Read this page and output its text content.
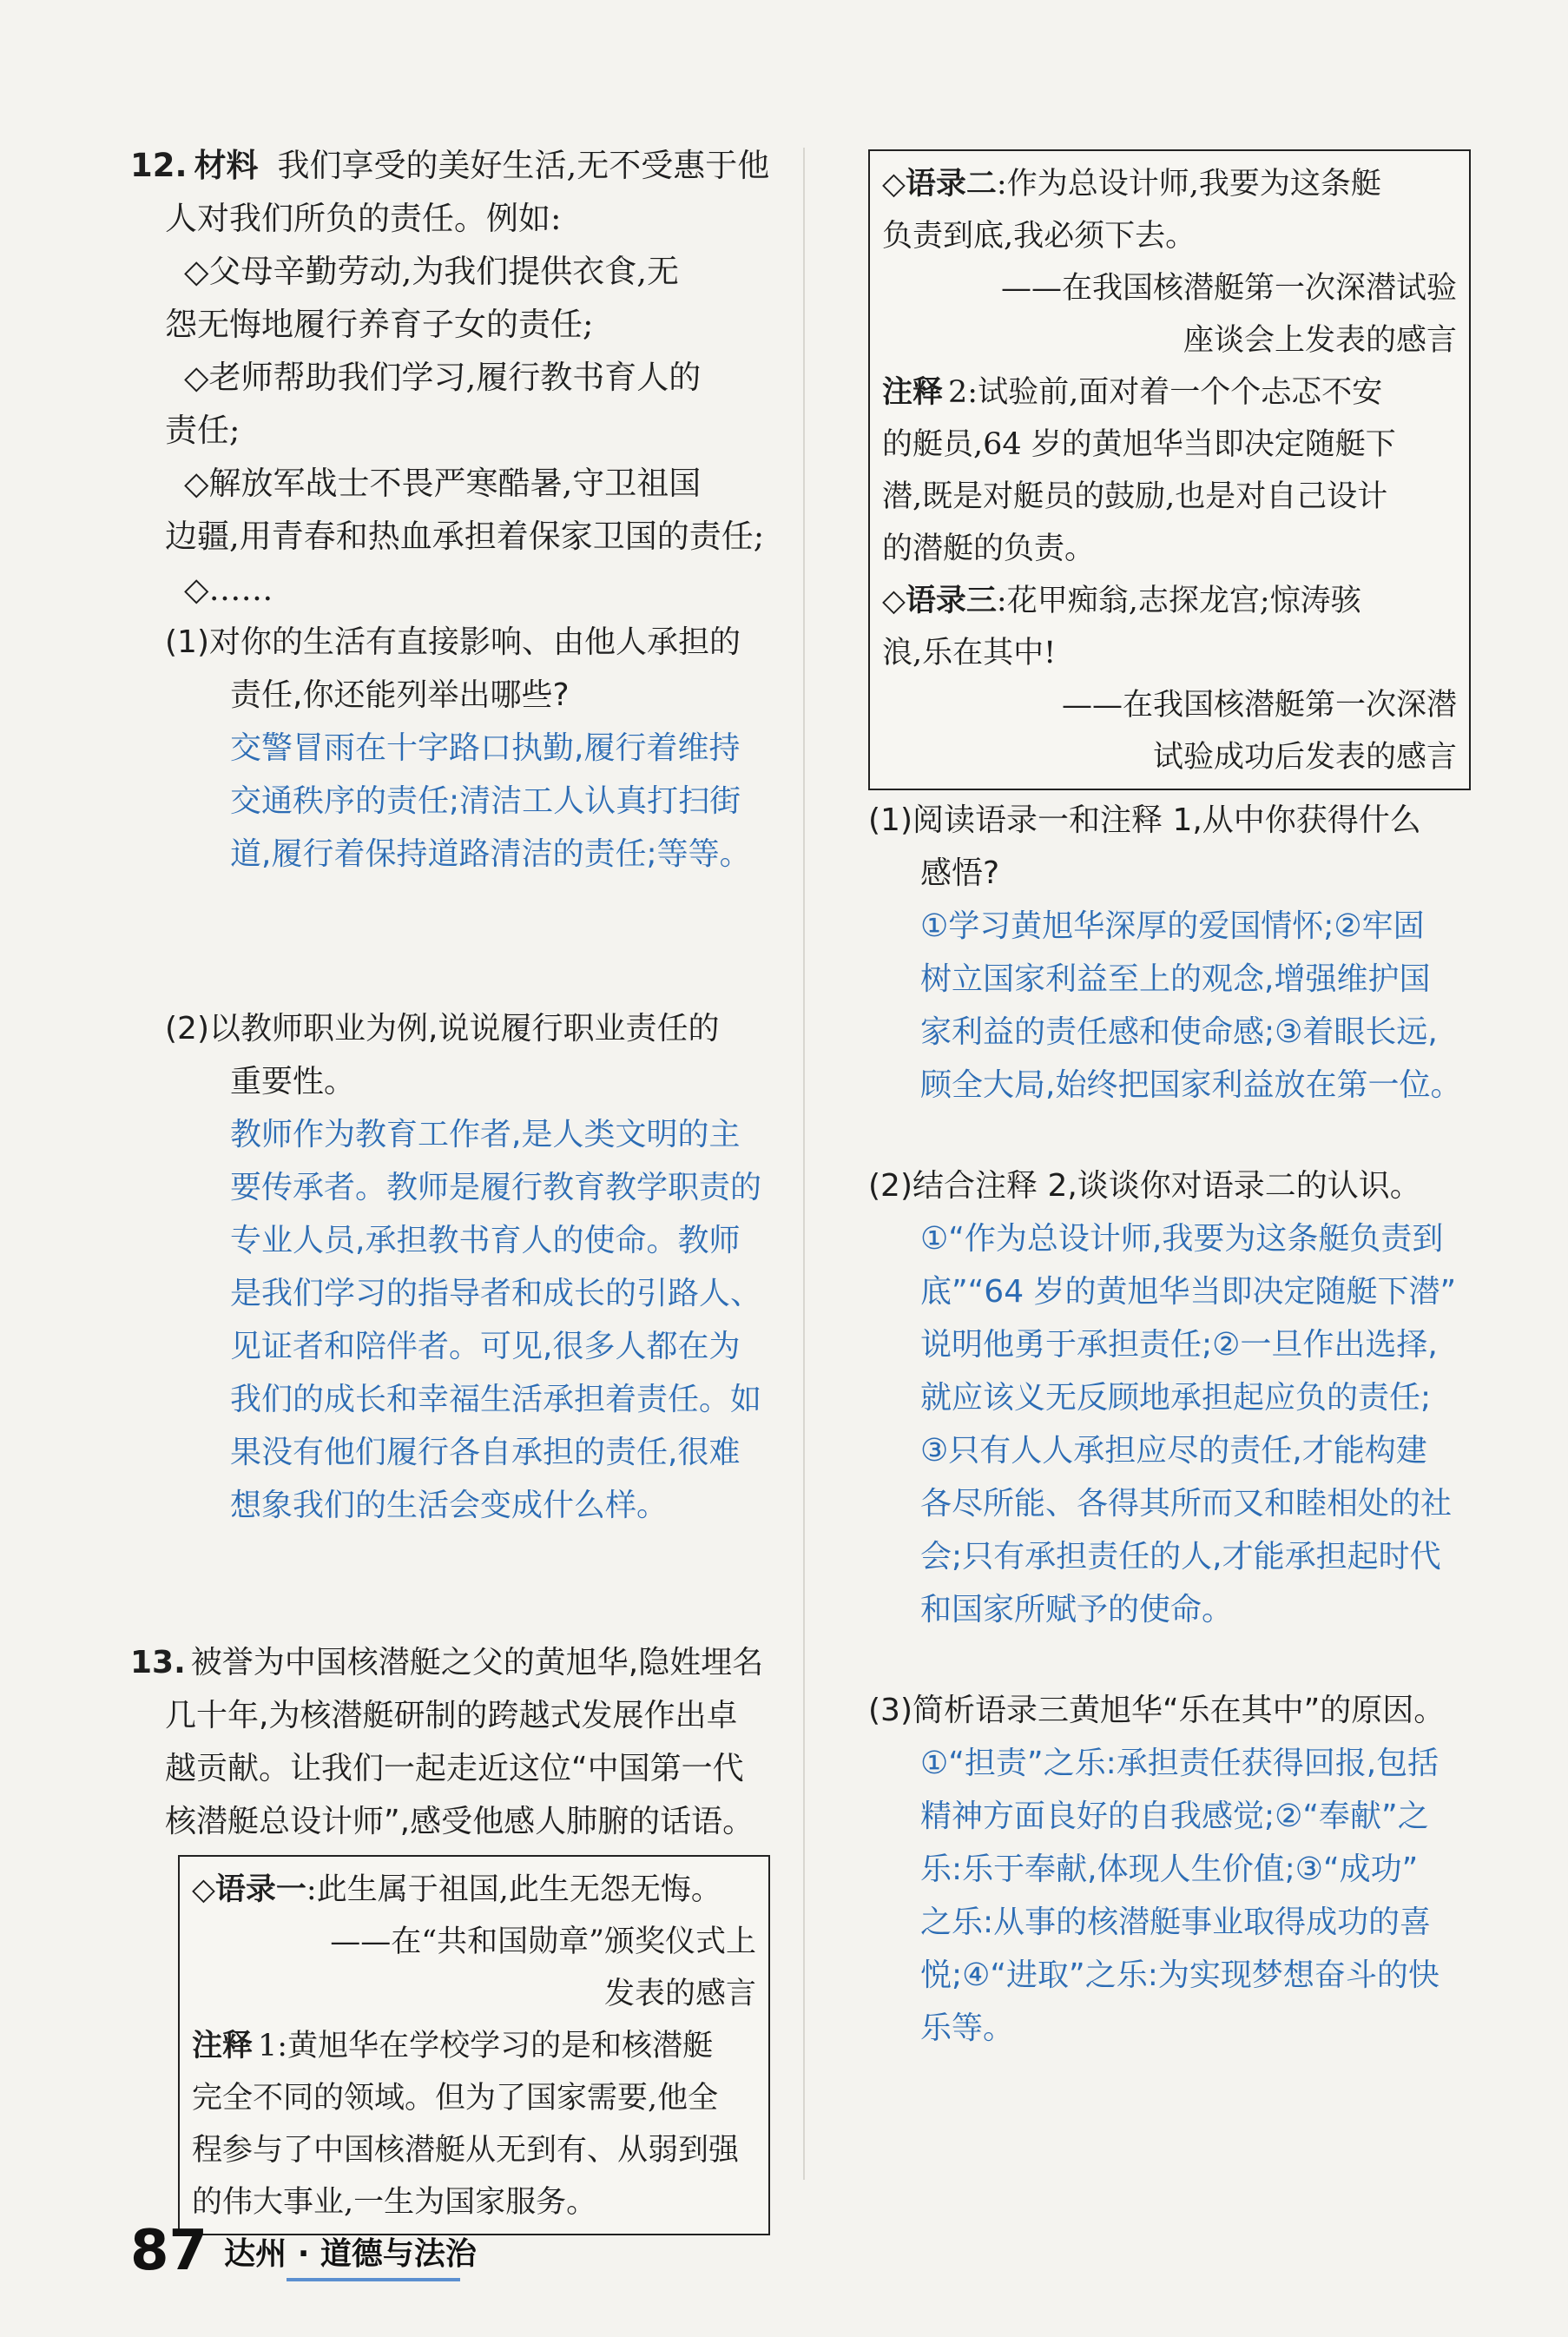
12. 材料 我们享受的美好生活,无不受惠于他
人对我们所负的责任。例如:
◇父母辛勤劳动,为我们提供衣食,无
怨无悔地履行养育子女的责任;
◇老师帮助我们学习,履行教书育人的
责任;
◇解放军战士不畏严寒酷暑,守卫祖国
边疆,用青春和热血承担着保家卫国的责任;
◇……
(1)对你的生活有直接影响、由他人承担的
责任,你还能列举出哪些?
交警冒雨在十字路口执勤,履行着维持
交通秩序的责任;清洁工人认真打扫街
道,履行着保持道路清洁的责任;等等。
(2)以教师职业为例,说说履行职业责任的
重要性。
教师作为教育工作者,是人类文明的主
要传承者。教师是履行教育教学职责的
专业人员,承担教书育人的使命。教师
是我们学习的指导者和成长的引路人、
见证者和陪伴者。可见,很多人都在为
我们的成长和幸福生活承担着责任。如
果没有他们履行各自承担的责任,很难
想象我们的生活会变成什么样。
13. 被誉为中国核潜艇之父的黄旭华,隐姓埋名
几十年,为核潜艇研制的跨越式发展作出卓
越贡献。让我们一起走近这位“中国第一代
核潜艇总设计师”,感受他感人肺腑的话语。
◇语录一:此生属于祖国,此生无怨无悔。
——在“共和国勋章”颁奖仪式上
发表的感言
注释 1:黄旭华在学校学习的是和核潜艇
完全不同的领域。但为了国家需要,他全
程参与了中国核潜艇从无到有、从弱到强
的伟大事业,一生为国家服务。
◇语录二:作为总设计师,我要为这条艇
负责到底,我必须下去。
——在我国核潜艇第一次深潜试验
座谈会上发表的感言
注释 2:试验前,面对着一个个忐忑不安
的艇员,64 岁的黄旭华当即决定随艇下
潜,既是对艇员的鼓励,也是对自己设计
的潜艇的负责。
◇语录三:花甲痴翁,志探龙宫;惊涛骇
浪,乐在其中!
——在我国核潜艇第一次深潜
试验成功后发表的感言
(1)阅读语录一和注释 1,从中你获得什么
感悟?
①学习黄旭华深厚的爱国情怀;②牢固
树立国家利益至上的观念,增强维护国
家利益的责任感和使命感;③着眼长远,
顾全大局,始终把国家利益放在第一位。
(2)结合注释 2,谈谈你对语录二的认识。
①“作为总设计师,我要为这条艇负责到
底”“64 岁的黄旭华当即决定随艇下潜”
说明他勇于承担责任;②一旦作出选择,
就应该义无反顾地承担起应负的责任;
③只有人人承担应尽的责任,才能构建
各尽所能、各得其所而又和睦相处的社
会;只有承担责任的人,才能承担起时代
和国家所赋予的使命。
(3)简析语录三黄旭华“乐在其中”的原因。
①“担责”之乐:承担责任获得回报,包括
精神方面良好的自我感觉;②“奉献”之
乐:乐于奉献,体现人生价值;③“成功”
之乐:从事的核潜艇事业取得成功的喜
悦;④“进取”之乐:为实现梦想奋斗的快
乐等。
87 达州 · 道德与法治
